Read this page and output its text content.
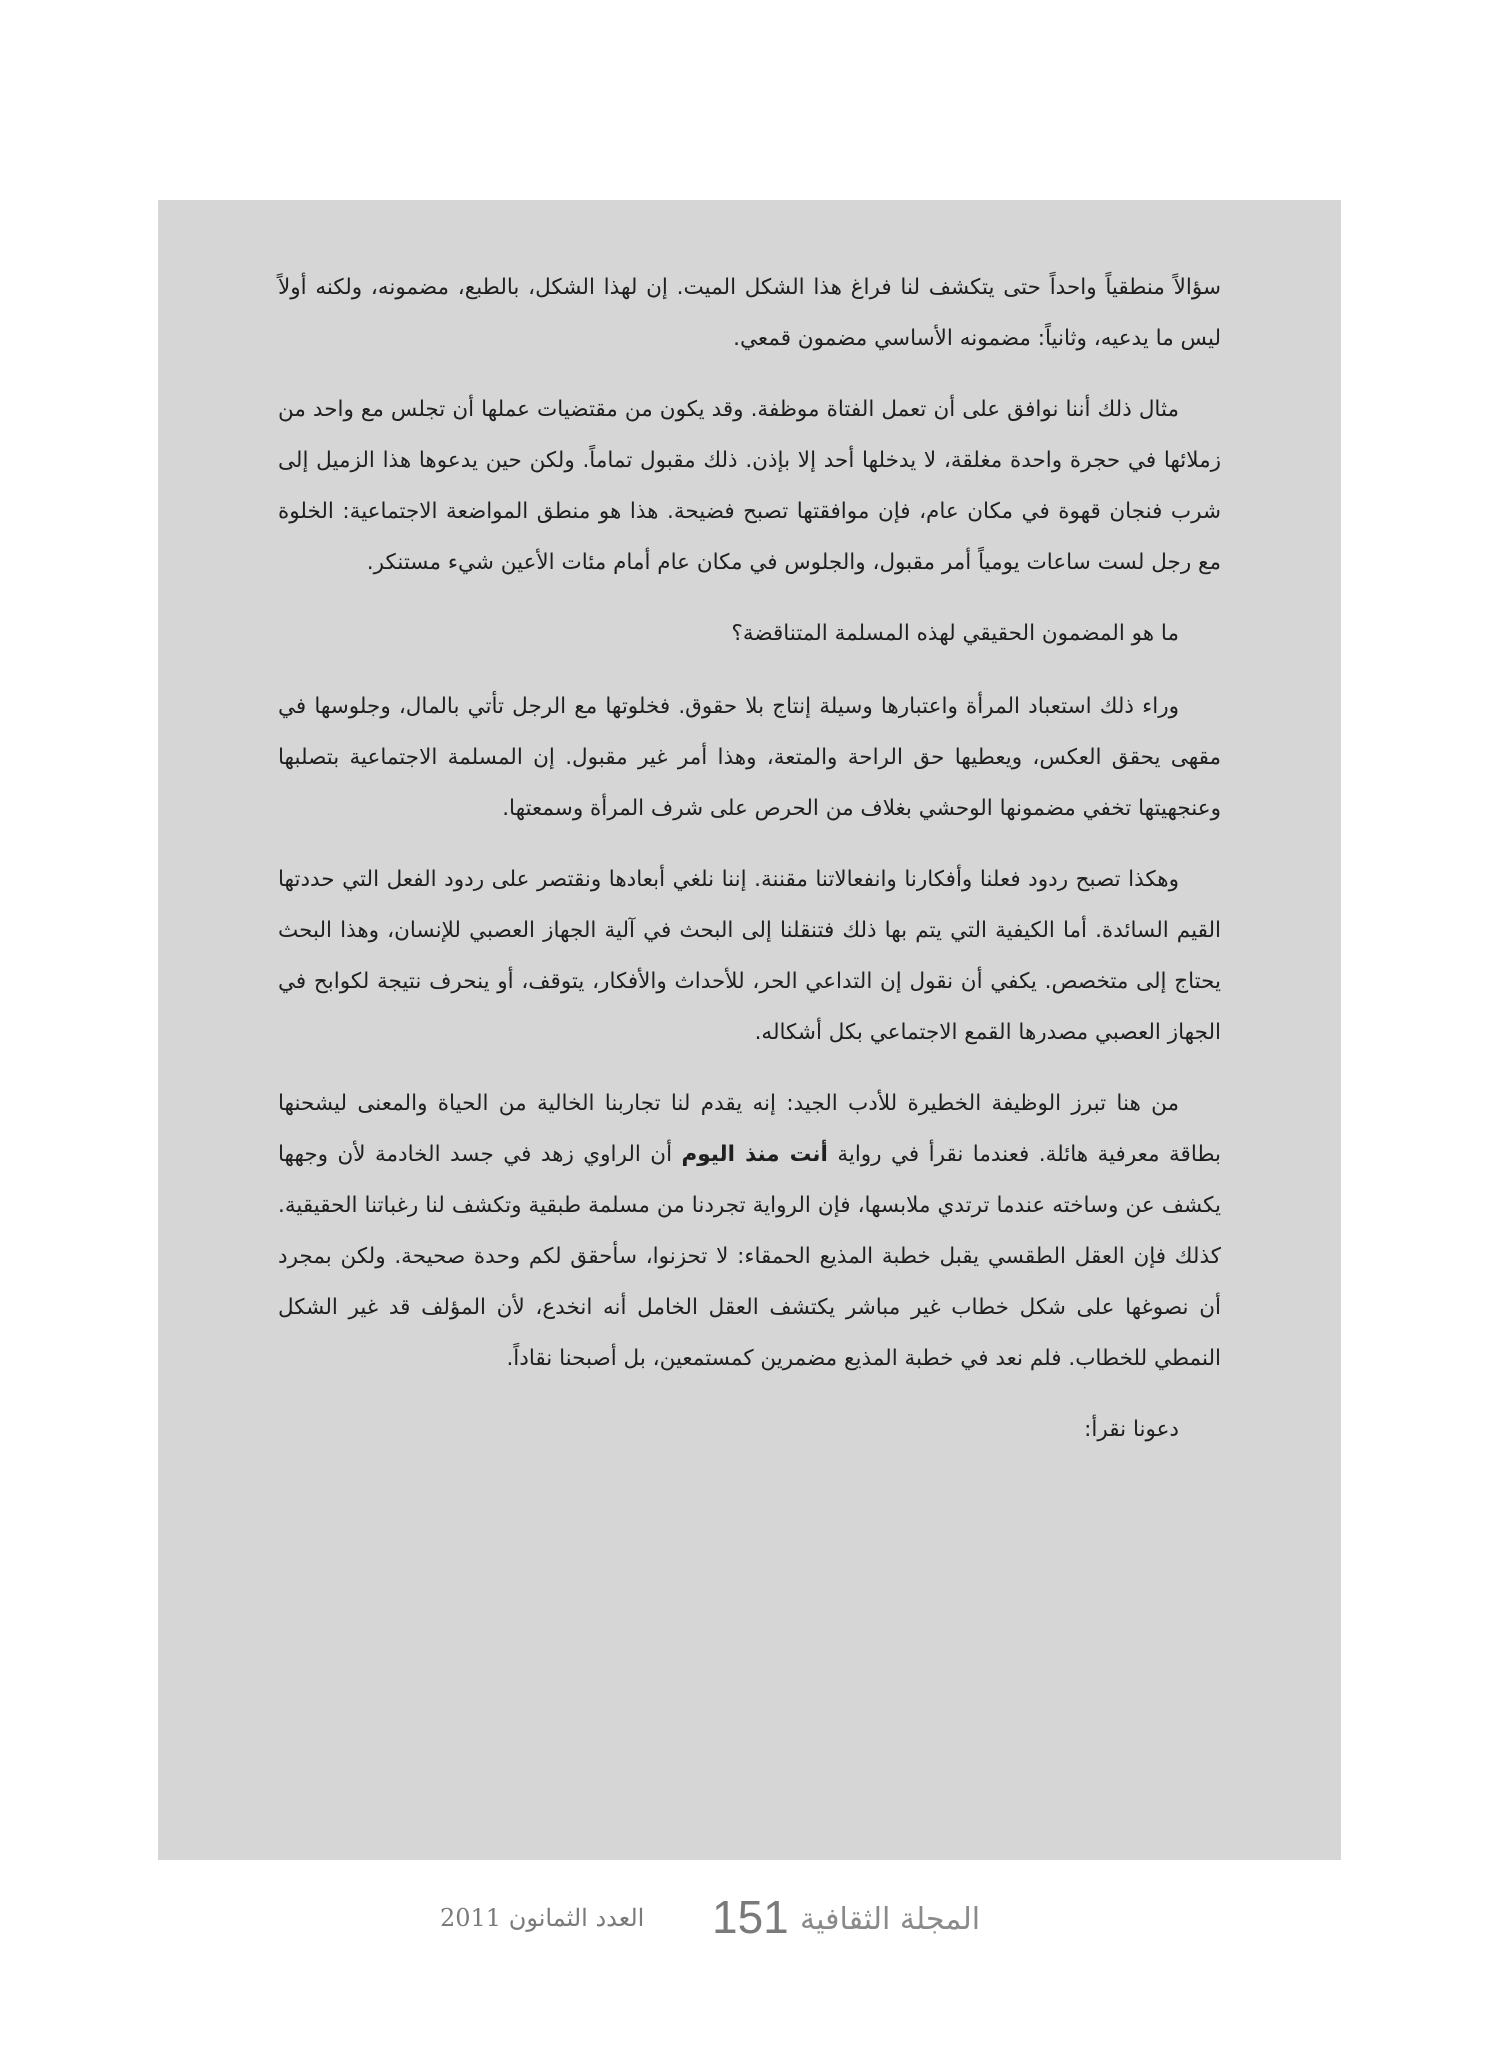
سؤالاً منطقياً واحداً حتى يتكشف لنا فراغ هذا الشكل الميت. إن لهذا الشكل، بالطبع، مضمونه، ولكنه أولاً ليس ما يدعيه، وثانياً: مضمونه الأساسي مضمون قمعي.

مثال ذلك أننا نوافق على أن تعمل الفتاة موظفة. وقد يكون من مقتضيات عملها أن تجلس مع واحد من زملائها في حجرة واحدة مغلقة، لا يدخلها أحد إلا بإذن. ذلك مقبول تماماً. ولكن حين يدعوها هذا الزميل إلى شرب فنجان قهوة في مكان عام، فإن موافقتها تصبح فضيحة. هذا هو منطق المواضعة الاجتماعية: الخلوة مع رجل لست ساعات يومياً أمر مقبول، والجلوس في مكان عام أمام مئات الأعين شيء مستنكر.

ما هو المضمون الحقيقي لهذه المسلمة المتناقضة؟

وراء ذلك استعباد المرأة واعتبارها وسيلة إنتاج بلا حقوق. فخلوتها مع الرجل تأتي بالمال، وجلوسها في مقهى يحقق العكس، ويعطيها حق الراحة والمتعة، وهذا أمر غير مقبول. إن المسلمة الاجتماعية بتصلبها وعنجهيتها تخفي مضمونها الوحشي بغلاف من الحرص على شرف المرأة وسمعتها.

وهكذا تصبح ردود فعلنا وأفكارنا وانفعالاتنا مقننة. إننا نلغي أبعادها ونقتصر على ردود الفعل التي حددتها القيم السائدة. أما الكيفية التي يتم بها ذلك فتنقلنا إلى البحث في آلية الجهاز العصبي للإنسان، وهذا البحث يحتاج إلى متخصص. يكفي أن نقول إن التداعي الحر، للأحداث والأفكار، يتوقف، أو ينحرف نتيجة لكوابح في الجهاز العصبي مصدرها القمع الاجتماعي بكل أشكاله.

من هنا تبرز الوظيفة الخطيرة للأدب الجيد: إنه يقدم لنا تجاربنا الخالية من الحياة والمعنى ليشحنها بطاقة معرفية هائلة. فعندما نقرأ في رواية أنت منذ اليوم أن الراوي زهد في جسد الخادمة لأن وجهها يكشف عن وساخته عندما ترتدي ملابسها، فإن الرواية تجردنا من مسلمة طبقية وتكشف لنا رغباتنا الحقيقية. كذلك فإن العقل الطقسي يقبل خطبة المذيع الحمقاء: لا تحزنوا، سأحقق لكم وحدة صحيحة. ولكن بمجرد أن نصوغها على شكل خطاب غير مباشر يكتشف العقل الخامل أنه انخدع، لأن المؤلف قد غير الشكل النمطي للخطاب. فلم نعد في خطبة المذيع مضمرين كمستمعين، بل أصبحنا نقاداً.

دعونا نقرأ:

المجلة الثقافية
151
العدد الثمانون 2011
